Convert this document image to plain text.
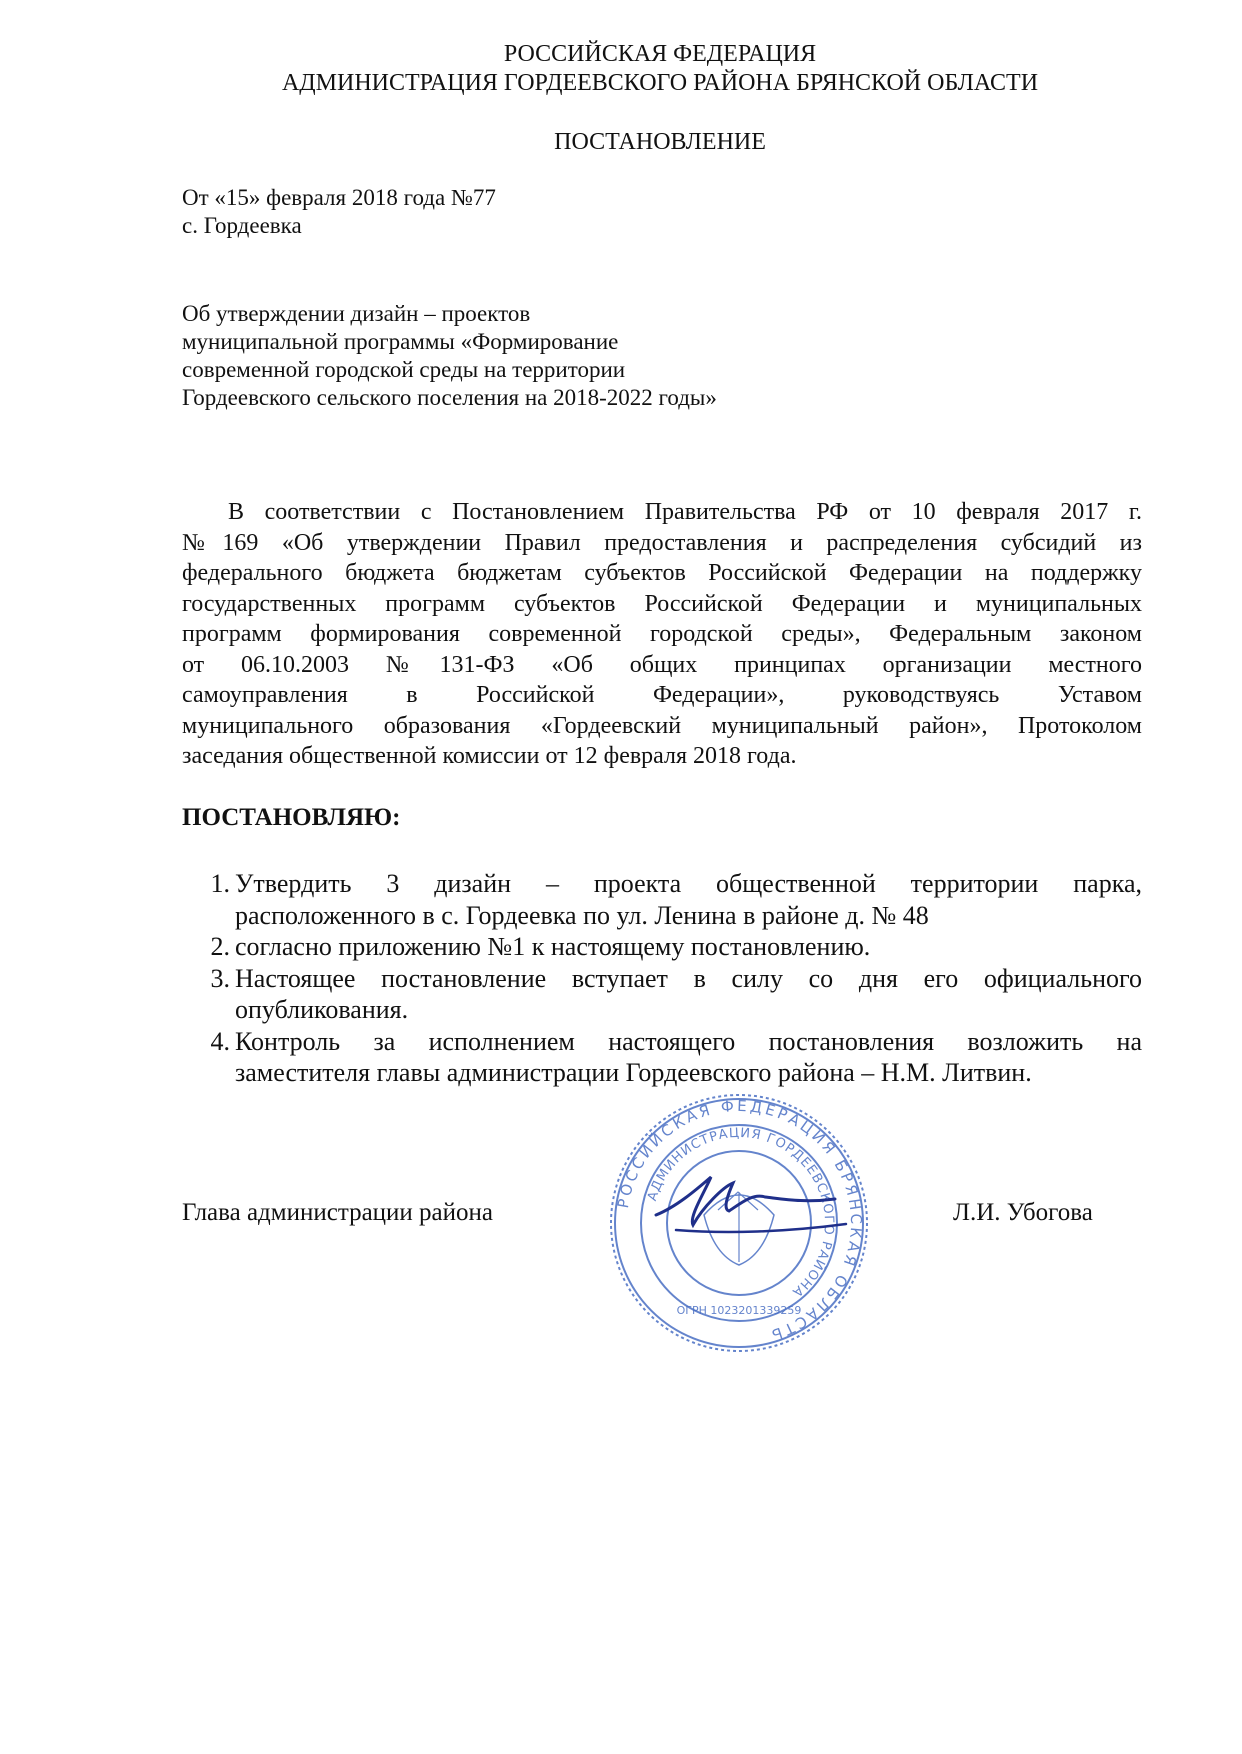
РОССИЙСКАЯ ФЕДЕРАЦИЯ
АДМИНИСТРАЦИЯ ГОРДЕЕВСКОГО РАЙОНА БРЯНСКОЙ ОБЛАСТИ
ПОСТАНОВЛЕНИЕ
От «15» февраля 2018 года №77
с. Гордеевка
Об утверждении дизайн – проектов
муниципальной программы «Формирование
современной городской среды на территории
Гордеевского сельского поселения на 2018-2022 годы»
В соответствии с Постановлением Правительства РФ от 10 февраля 2017 г.
№169 «Об утверждении Правил предоставления и распределения субсидий из
федерального бюджета бюджетам субъектов Российской Федерации на поддержку
государственных программ субъектов Российской Федерации и муниципальных
программ формирования современной городской среды», Федеральным законом
от 06.10.2003 №131-ФЗ «Об общих принципах организации местного
самоуправления в Российской Федерации», руководствуясь Уставом
муниципального образования «Гордеевский муниципальный район», Протоколом
заседания общественной комиссии от 12 февраля 2018 года.
ПОСТАНОВЛЯЮ:
1. Утвердить 3 дизайн – проекта общественной территории парка,
расположенного в с. Гордеевка по ул. Ленина в районе д. № 48
2. согласно приложению №1 к настоящему постановлению.
3. Настоящее постановление вступает в силу со дня его официального
опубликования.
4. Контроль за исполнением настоящего постановления возложить на
заместителя главы администрации Гордеевского района – Н.М. Литвин.
Глава администрации района	Л.И. Убогова
РОССИЙСКАЯ ФЕДЕРАЦИЯ БРЯНСКАЯ ОБЛАСТЬ
АДМИНИСТРАЦИЯ ГОРДЕЕВСКОГО РАЙОНА
ОГРН 1023201339259
